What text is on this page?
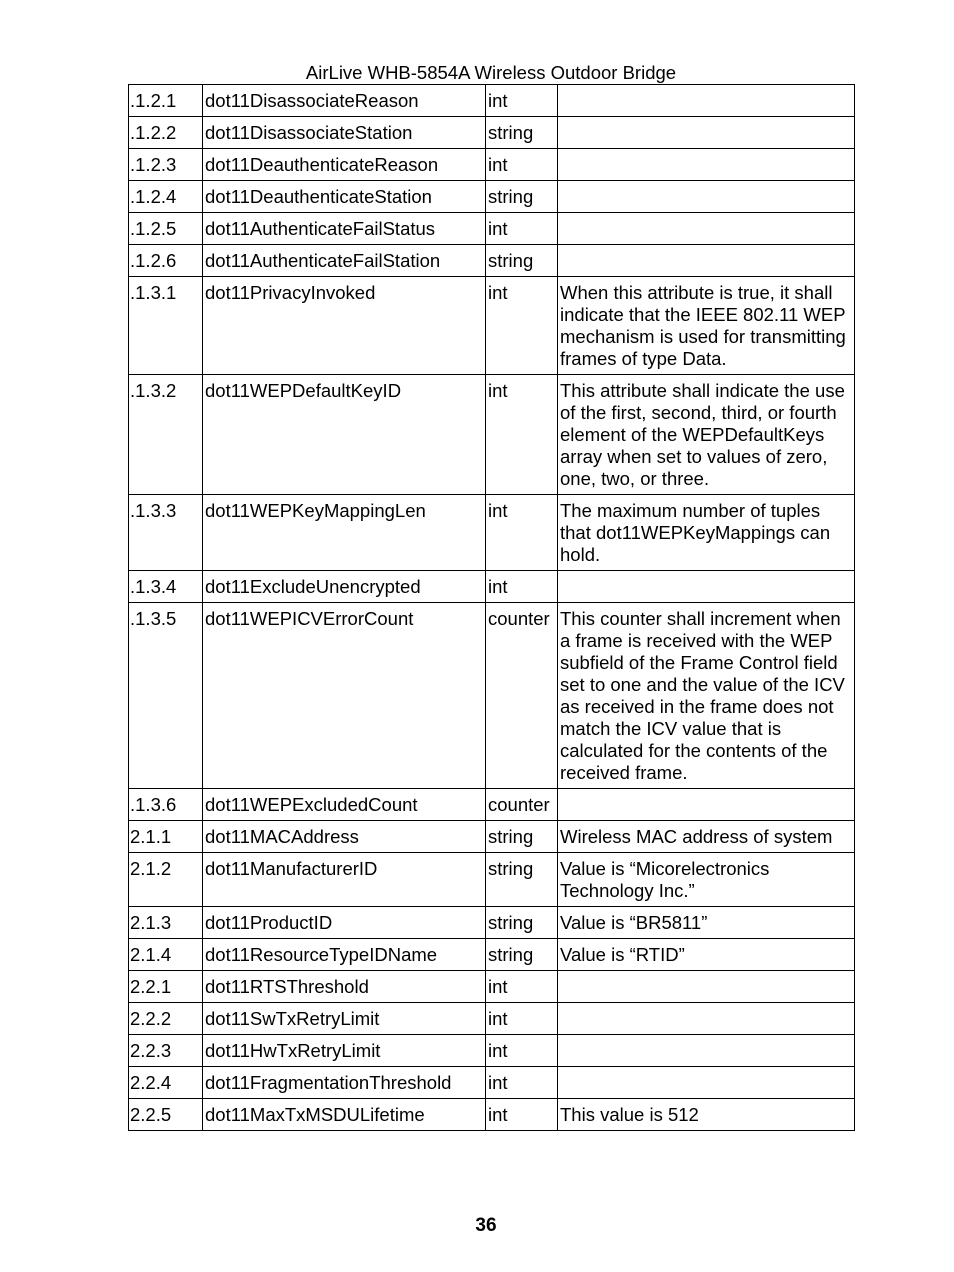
AirLive WHB-5854A Wireless Outdoor Bridge
.1.2.1	dot11DisassociateReason	int	
.1.2.2	dot11DisassociateStation	string	
.1.2.3	dot11DeauthenticateReason	int	
.1.2.4	dot11DeauthenticateStation	string	
.1.2.5	dot11AuthenticateFailStatus	int	
.1.2.6	dot11AuthenticateFailStation	string	
.1.3.1	dot11PrivacyInvoked	int	When this attribute is true, it shall indicate that the IEEE 802.11 WEP mechanism is used for transmitting frames of type Data.
.1.3.2	dot11WEPDefaultKeyID	int	This attribute shall indicate the use of the first, second, third, or fourth element of the WEPDefaultKeys array when set to values of zero, one, two, or three.
.1.3.3	dot11WEPKeyMappingLen	int	The maximum number of tuples that dot11WEPKeyMappings can hold.
.1.3.4	dot11ExcludeUnencrypted	int	
.1.3.5	dot11WEPICVErrorCount	counter	This counter shall increment when a frame is received with the WEP subfield of the Frame Control field set to one and the value of the ICV as received in the frame does not match the ICV value that is calculated for the contents of the received frame.
.1.3.6	dot11WEPExcludedCount	counter	
2.1.1	dot11MACAddress	string	Wireless MAC address of system
2.1.2	dot11ManufacturerID	string	Value is “Micorelectronics Technology Inc.”
2.1.3	dot11ProductID	string	Value is “BR5811”
2.1.4	dot11ResourceTypeIDName	string	Value is “RTID”
2.2.1	dot11RTSThreshold	int	
2.2.2	dot11SwTxRetryLimit	int	
2.2.3	dot11HwTxRetryLimit	int	
2.2.4	dot11FragmentationThreshold	int	
2.2.5	dot11MaxTxMSDULifetime	int	This value is 512
36
